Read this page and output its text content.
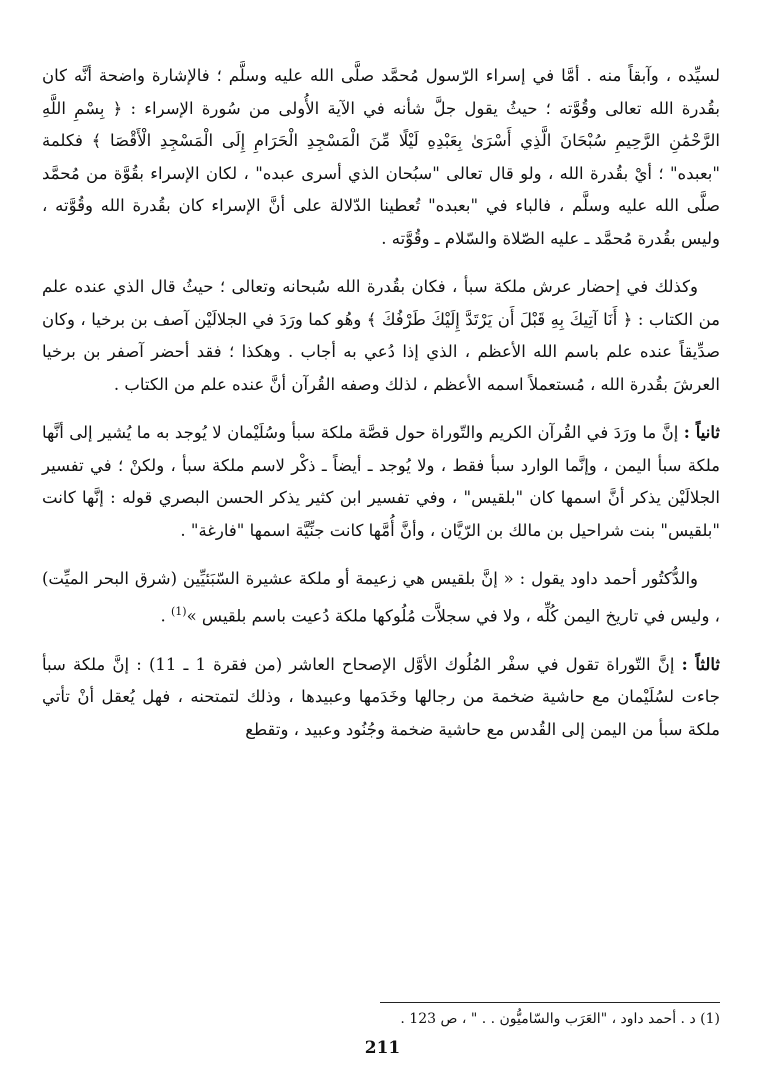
لسيِّده ، وآبقاً منه . أمَّا في إسراء الرّسول مُحمَّد صلَّى الله عليه وسلَّم ؛ فالإشارة واضحة أنَّه كان بقُدرة الله تعالى وقُوَّته ؛ حيثُ يقول جلَّ شأنه في الآية الأُولى من سُورة الإسراء : ﴿ بِسْمِ اللَّهِ الرَّحْمَٰنِ الرَّحِيمِ سُبْحَانَ الَّذِي أَسْرَىٰ بِعَبْدِهِ لَيْلًا مِّنَ الْمَسْجِدِ الْحَرَامِ إِلَى الْمَسْجِدِ الْأَقْصَا ﴾ فكلمة "بعبده" ؛ أيْ بقُدرة الله ، ولو قال تعالى "سبُحان الذي أسرى عبده" ، لكان الإسراء بقُوَّة من مُحمَّد صلَّى الله عليه وسلَّم ، فالباء في "بعبده" تُعطينا الدّلالة على أنَّ الإسراء كان بقُدرة الله وقُوَّته ، وليس بقُدرة مُحمَّد ـ عليه الصّلاة والسّلام ـ وقُوَّته .

وكذلك في إحضار عرش ملكة سبأ ، فكان بقُدرة الله سُبحانه وتعالى ؛ حيثُ قال الذي عنده علم من الكتاب : ﴿ أَنَا آتِيكَ بِهِ قَبْلَ أَن يَرْتَدَّ إِلَيْكَ طَرْفُكَ ﴾ وهُو كما ورَدَ في الجلالَيْن آصف بن برخيا ، وكان صدِّيقاً عنده علم باسم الله الأعظم ، الذي إذا دُعي به أجاب . وهكذا ؛ فقد أحضر آصفر بن برخيا العرشَ بقُدرة الله ، مُستعملاً اسمه الأعظم ، لذلك وصفه القُرآن أنَّ عنده علم من الكتاب .

ثانياً : إنَّ ما ورَدَ في القُرآن الكريم والتّوراة حول قصَّة ملكة سبأ وسُلَيْمان لا يُوجد به ما يُشير إلى أنَّها ملكة سبأ اليمن ، وإنَّما الوارد سبأ فقط ، ولا يُوجد ـ أيضاً ـ ذكْر لاسم ملكة سبأ ، ولكنْ ؛ في تفسير الجلالَيْن يذكر أنَّ اسمها كان "بلقيس" ، وفي تفسير ابن كثير يذكر الحسن البصري قوله : إنَّها كانت "بلقيس" بنت شراحيل بن مالك بن الرّيَّان ، وأنَّ أُمَّها كانت جنِّيَّة اسمها "فارغة" .

والدُّكتُور أحمد داود يقول : « إنَّ بلقيس هي زعيمة أو ملكة عشيرة السّبَئيِّين (شرق البحر الميِّت) ، وليس في تاريخ اليمن كُلِّه ، ولا في سجلاَّت مُلُوكها ملكة دُعيت باسم بلقيس »$^{(1)}$ .

ثالثاً : إنَّ التّوراة تقول في سفْر المُلُوك الأوَّل الإصحاح العاشر (من فقرة 1 ـ 11) : إنَّ ملكة سبأ جاءت لسُلَيْمان مع حاشية ضخمة من رجالها وخَدَمها وعبيدها ، وذلك لتمتحنه ، فهل يُعقل أنْ تأتي ملكة سبأ من اليمن إلى القُدس مع حاشية ضخمة وجُنُود وعبيد ، وتقطع

(1) د . أحمد داود ، "العَرَب والسّاميُّون . . " ، ص 123 .
211
